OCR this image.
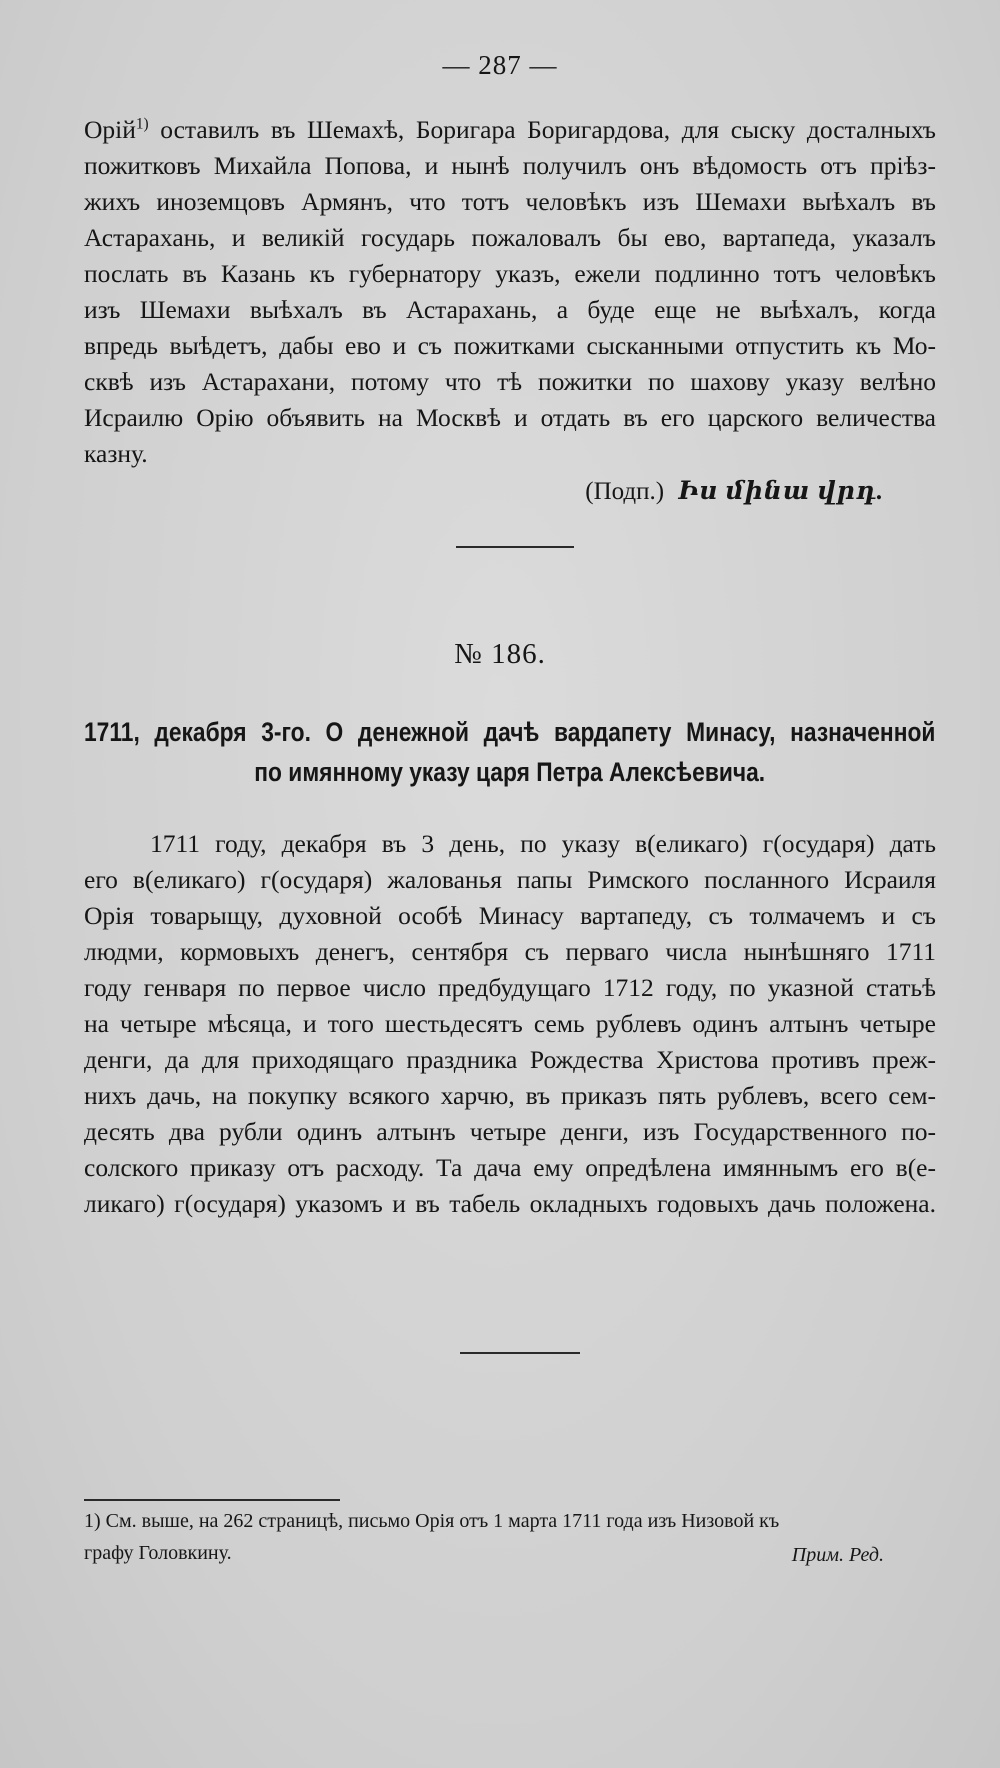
— 287 —
Орій$^{1)}$ оставилъ въ Шемахѣ, Боригара Боригардова, для сыску досталныхъ
пожитковъ Михайла Попова, и нынѣ получилъ онъ вѣдомость отъ пріѣз-
жихъ иноземцовъ Армянъ, что тотъ человѣкъ изъ Шемахи выѣхалъ въ
Астарахань, и великій государь пожаловалъ бы ево, вартапеда, указалъ
послать въ Казань къ губернатору указъ, ежели подлинно тотъ человѣкъ
изъ Шемахи выѣхалъ въ Астарахань, а буде еще не выѣхалъ, когда
впредь выѣдетъ, дабы ево и съ пожитками сысканными отпустить къ Мо-
сквѣ изъ Астарахани, потому что тѣ пожитки по шахову указу велѣно
Исраилю Орію объявить на Москвѣ и отдать въ его царского величества
казну.
(Подп.) Իս մինա վրդ.
№ 186.
1711, декабря 3-го. О денежной дачѣ вардапету Минасу, назначенной
по имянному указу царя Петра Алексѣевича.
1711 году, декабря въ 3 день, по указу в(еликаго) г(осударя) дать
его в(еликаго) г(осударя) жалованья папы Римского посланного Исраиля
Орія товарыщу, духовной особѣ Минасу вартапеду, съ толмачемъ и съ
людми, кормовыхъ денегъ, сентября съ перваго числа нынѣшняго 1711
году генваря по первое число предбудущаго 1712 году, по указной статьѣ
на четыре мѣсяца, и того шестьдесятъ семь рублевъ одинъ алтынъ четыре
денги, да для приходящаго праздника Рождества Христова противъ преж-
нихъ дачь, на покупку всякого харчю, въ приказъ пять рублевъ, всего сем-
десять два рубли одинъ алтынъ четыре денги, изъ Государственного по-
солского приказу отъ расходу. Та дача ему опредѣлена имяннымъ его в(е-
ликаго) г(осударя) указомъ и въ табель окладныхъ годовыхъ дачь положена.
1) См. выше, на 262 страницѣ, письмо Орія отъ 1 марта 1711 года изъ Низовой къ
графу Головкину.	Прим. Ред.
